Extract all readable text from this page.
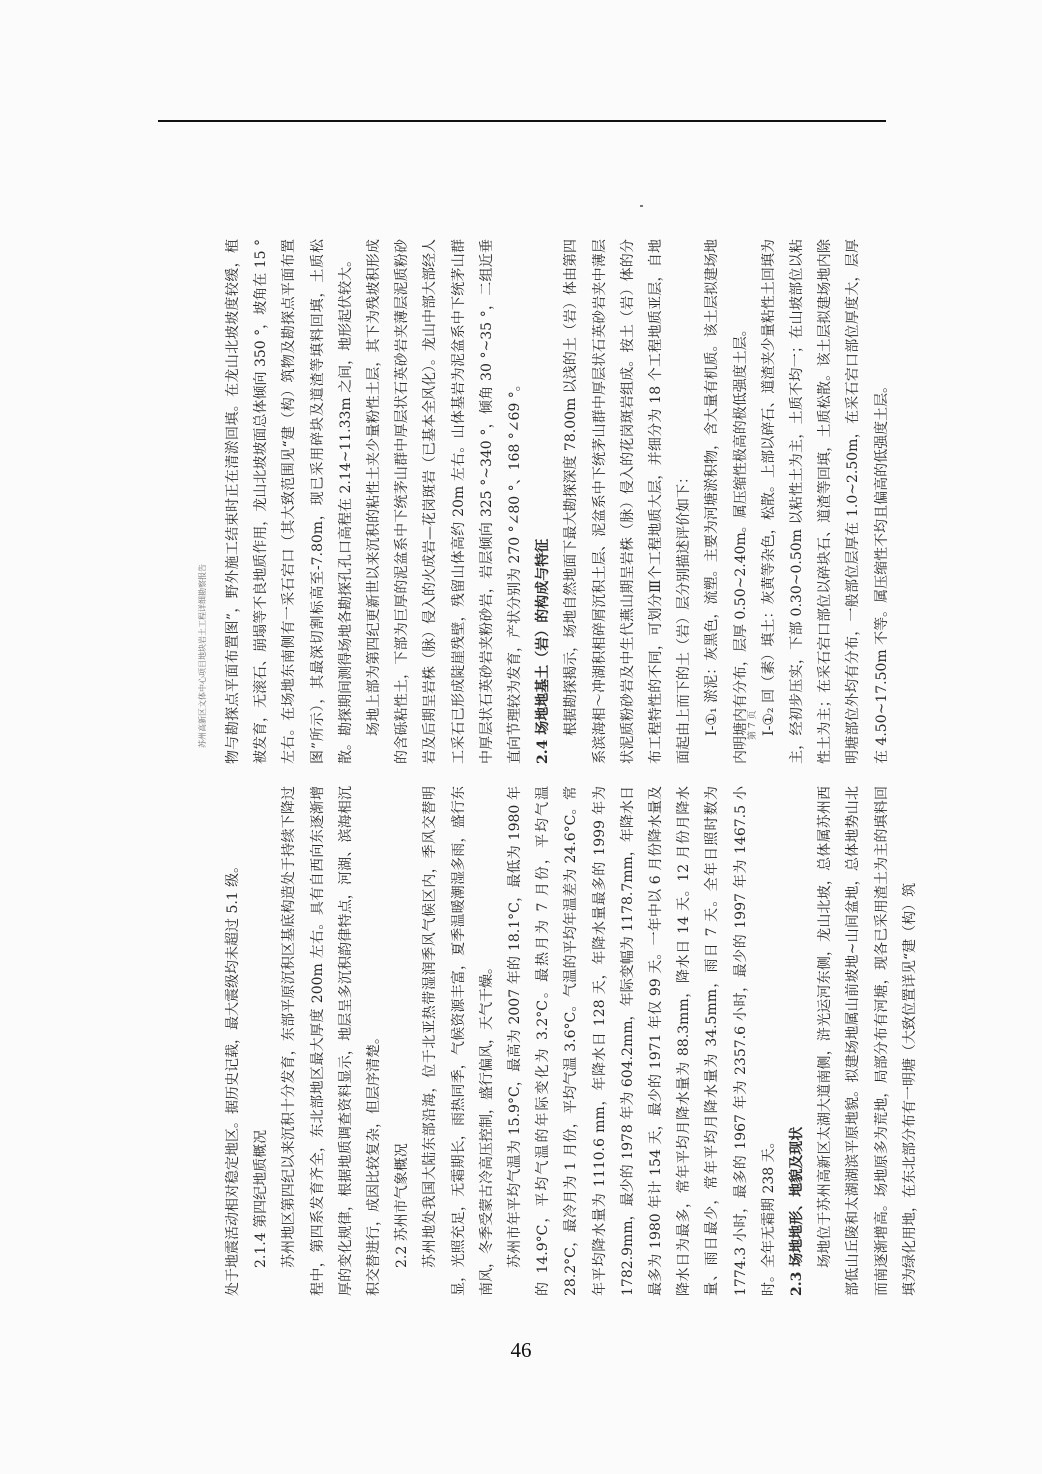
苏州高新区文体中心项目地块岩土工程详细勘察报告

处于地震活动相对稳定地区。据历史记载，最大震级均未超过 5.1 级。 2.1.4 第四纪地质概况 苏州地区第四纪以来沉积十分发育，东部平原沉积区基底构造处于持续下降过程中，第四系发育齐全，东北部地区最大厚度 200m 左右。具有自西向东逐渐增厚的变化规律，根据地质调查资料显示，地层呈多沉积韵律特点，河湖、滨海相沉积交替进行，成因比较复杂，但层序清楚。 2.2 苏州市气象概况 苏州地处我国大陆东部沿海，位于北亚热带湿润季风气候区内，季风交替明显，光照充足，无霜期长，雨热同季，气候资源丰富，夏季温暖潮湿多雨，盛行东南风，冬季受蒙古冷高压控制，盛行偏风，天气干燥。 苏州市年平均气温为 15.9°C，最高为 2007 年的 18.1°C，最低为 1980 年的 14.9°C，平均气温的年际变化为 3.2°C。最热月为 7 月份，平均气温 28.2°C，最冷月为 1 月份，平均气温 3.6°C。气温的平均年温差为 24.6°C。常年平均降水量为 1110.6 mm，年降水日 128 天，年降水量最多的 1999 年为 1782.9mm，最少的 1978 年为 604.2mm，年际变幅为 1178.7mm，年降水日最多为 1980 年计 154 天，最少的 1971 年仅 99 天。一年中以 6 月份降水量及降水日为最多，常年平均月降水量为 88.3mm，降水日 14 天。12 月份月降水量、雨日最少，常年平均月降水量为 34.5mm，雨日 7 天。全年日照时数为 1774.3 小时，最多的 1967 年为 2357.6 小时，最少的 1997 年为 1467.5 小时。全年无霜期 238 天。 2.3 场地地形、地貌及现状 场地位于苏州高新区太湖大道南侧，浒光运河东侧，龙山北坡，总体属苏州西部低山丘陵和太湖湖滨平原地貌。拟建场地属山前坡地~山间盆地，总体地势山北而南逐渐增高。场地原多为荒地，局部分布有河塘，现各已采用渣土为主的填料回填为绿化用地，在东北部分布有一明塘（大致位置详见“建（构）筑

物与勘探点平面布置图”，野外施工结束时正在清淤回填。在龙山北坡坡度较缓，植被发育，无滚石、崩塌等不良地质作用，龙山北坡坡面总体倾向 350 °，坡角在 15 °左右。在场地东南侧有一采石宕口（其大致范围见“建（构）筑物及勘探点平面布置图”所示），其最深切割标高至-7.80m，现已采用碎块及道渣等填料回填，土质松散。勘探期间测得场地各勘探孔孔口高程在 2.14~11.33m 之间，地形起伏较大。 场地上部为第四纪更新世以来沉积的粘性土夹少量粉性土层，其下为残坡积形成的含砾粘性土，下部为巨厚的泥盆系中下统茅山群中厚层状石英砂岩夹薄层泥质粉砂岩及后期呈岩株（脉）侵入的火成岩—花岗斑岩（已基本全风化）。龙山中部大部经人工采石已形成陡崖残壁，残留山体高约 20m 左右。山体基岩为泥盆系中下统茅山群中厚层状石英砂岩夹粉砂岩，岩层倾向 325 °~340 °，倾角 30 °~35 °，二组近垂直向节理较为发育，产状分别为 270 °∠80 °、168 °∠69 °。 2.4 场地地基土（岩）的构成与特征 根据勘探揭示，场地自然地面下最大勘探深度 78.00m 以浅的土（岩）体由第四系滨海相～冲湖积相碎屑沉积土层、泥盆系中下统茅山群中厚层状石英砂岩夹中薄层状泥质粉砂岩及中生代燕山期呈岩株（脉）侵入的花岗斑岩组成。按土（岩）体的分布工程特性的不同，可划分Ⅲ个工程地质大层，并细分为 18 个工程地质亚层，自地面起由上而下的土（岩）层分别描述评价如下： Ⅰ-①₁ 淤泥：灰黑色，流塑。主要为河塘淤积物，含大量有机质。该土层拟建场地内明塘内有分布，层厚 0.50~2.40m。属压缩性极高的极低强度土层。 Ⅰ-①₂ 回（素）填土：灰黄等杂色，松散。上部以碎石、道渣夹少量粘性土回填为主，经初步压实，下部 0.30~0.50m 以粘性土为主，土质不均一；在山坡部位以粘性土为主；在采石宕口部位以碎块石、道渣等回填，土质松散。该土层拟建场地内除明塘部位外均有分布，一般部位层厚在 1.0~2.50m，在采石宕口部位厚度大，层厚在 4.50~17.50m 不等。属压缩性不均且偏高的低强度土层。

第 7 页
46
